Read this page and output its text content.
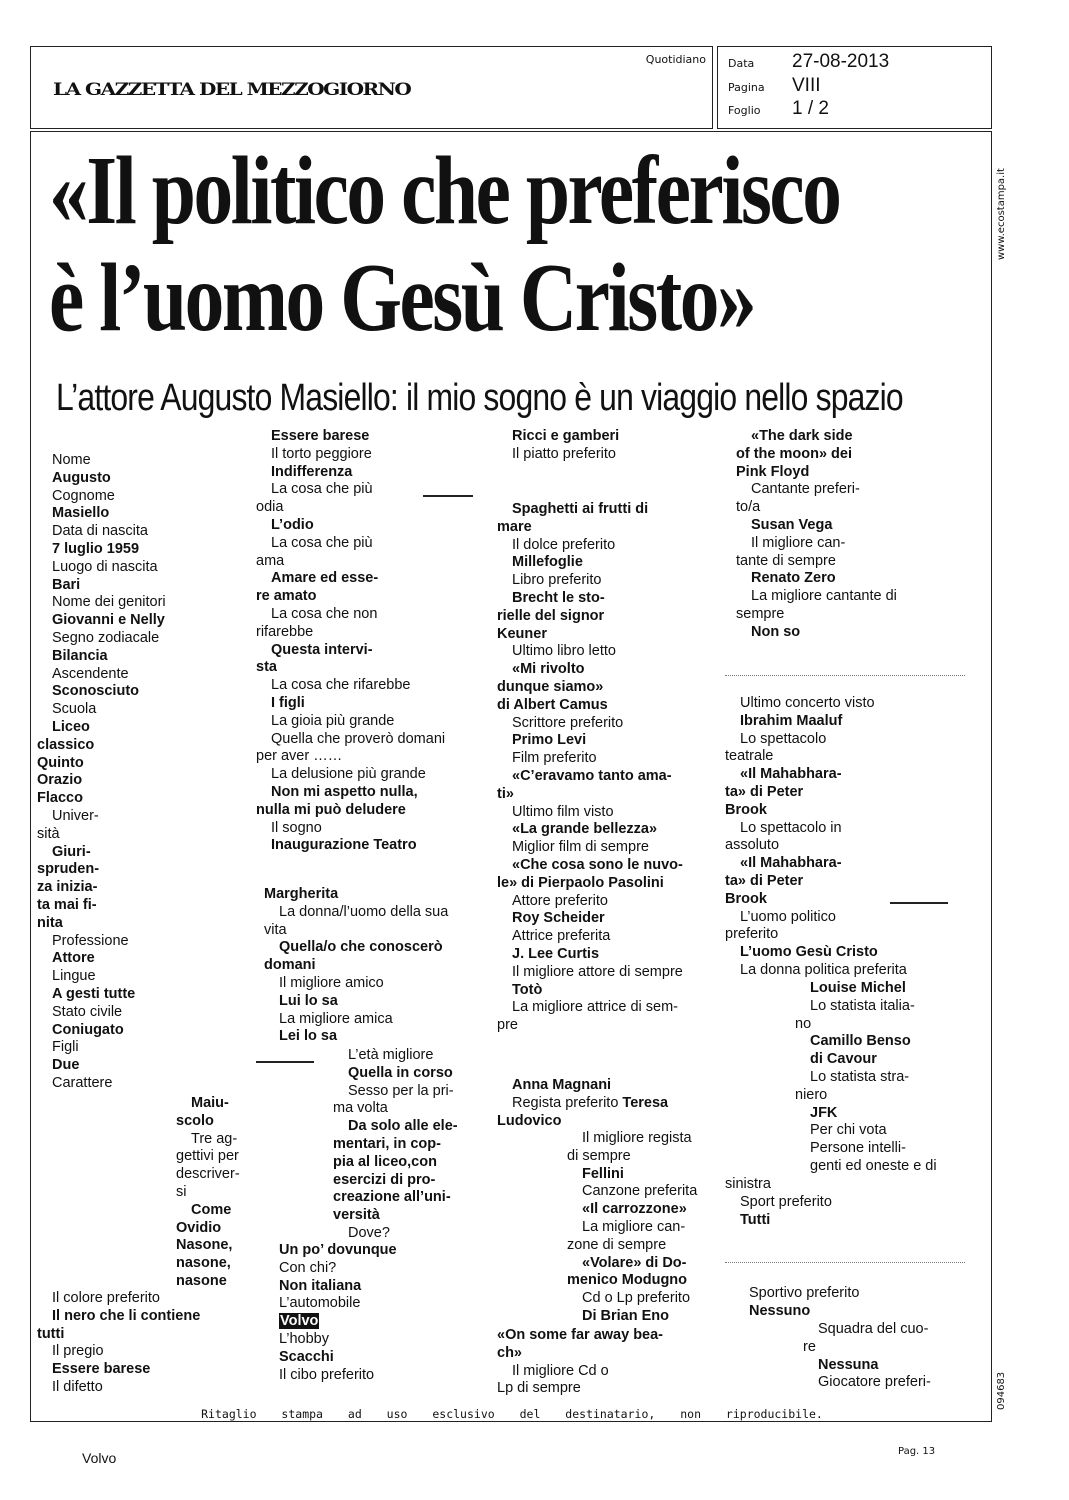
LA GAZZETTA DEL MEZZOGIORNO
Quotidiano Data 27-08-2013
Pagina VIII
Foglio 1 / 2
«Il politico che preferisco
è l’uomo Gesù Cristo»
L’attore Augusto Masiello: il mio sogno è un viaggio nello spazio
Ritaglio stampa ad uso esclusivo del destinatario, non riproducibile.
Nome
Augusto
Cognome
Masiello
Data di nascita
7 luglio 1959
Luogo di nascita
Bari
Nome dei genitori
Giovanni e Nelly
Segno zodiacale
Bilancia
Ascendente
Sconosciuto
Scuola
Liceo
classico
Quinto
Orazio
Flacco
Univer-
sità
Giuri-
spruden-
za inizia-
ta mai fi-
nita
Professione
Attore
Lingue
A gesti tutte
Stato civile
Coniugato
Figli
Due
Carattere
Maiu-
scolo
Tre ag-
gettivi per
descriver-
si
Come
Ovidio
Nasone,
nasone,
nasone
Il colore preferito
Il nero che li contiene
tutti
Il pregio
Essere barese
Il difetto
Essere barese
Il torto peggiore
Indifferenza
La cosa che più
odia
L’odio
La cosa che più
ama
Amare ed esse-
re amato
La cosa che non
rifarebbe
Questa intervi-
sta
La cosa che rifarebbe
I figli
La gioia più grande
Quella che proverò domani
per aver ……
La delusione più grande
Non mi aspetto nulla,
nulla mi può deludere
Il sogno
Inaugurazione Teatro
Margherita
La donna/l’uomo della sua
vita
Quella/o che conoscerò
domani
Il migliore amico
Lui lo sa
La migliore amica
Lei lo sa
L’età migliore
Quella in corso
Sesso per la pri-
ma volta
Da solo alle ele-
mentari, in cop-
pia al liceo,con
esercizi di pro-
creazione all’uni-
versità
Dove?
Un po’ dovunque
Con chi?
Non italiana
L’automobile
Volvo
L’hobby
Scacchi
Il cibo preferito
Ricci e gamberi
Il piatto preferito
Spaghetti ai frutti di
mare
Il dolce preferito
Millefoglie
Libro preferito
Brecht le sto-
rielle del signor
Keuner
Ultimo libro letto
«Mi rivolto
dunque siamo»
di Albert Camus
Scrittore preferito
Primo Levi
Film preferito
«C’eravamo tanto ama-
ti»
Ultimo film visto
«La grande bellezza»
Miglior film di sempre
«Che cosa sono le nuvo-
le» di Pierpaolo Pasolini
Attore preferito
Roy Scheider
Attrice preferita
J. Lee Curtis
Il migliore attore di sempre
Totò
La migliore attrice di sem-
pre
Anna Magnani
Regista preferito Teresa
Ludovico
Il migliore regista
di sempre
Fellini
Canzone preferita
«Il carrozzone»
La migliore can-
zone di sempre
«Volare» di Do-
menico Modugno
Cd o Lp preferito
Di Brian Eno
«On some far away beа-
ch»
Il migliore Cd o
Lp di sempre
«The dark side
of the moon» dei
Pink Floyd
Cantante preferi-
to/a
Susan Vega
Il migliore can-
tante di sempre
Renato Zero
La migliore cantante di
sempre
Non so
Ultimo concerto visto
Ibrahim Maaluf
Lo spettacolo
teatrale
«Il Mahabhara-
ta» di Peter
Brook
Lo spettacolo in
assoluto
«Il Mahabhara-
ta» di Peter
Brook
L’uomo politico
preferito
L’uomo Gesù Cristo
La donna politica preferita
Louise Michel
Lo statista italia-
no
Camillo Benso
di Cavour
Lo statista stra-
niero
JFK
Per chi vota
Persone intelli-
genti ed oneste e di
sinistra
Sport preferito
Tutti
Sportivo preferito
Nessuno
Squadra del cuo-
re
Nessuna
Giocatore preferi-
www.ecostampa.it
094683
Volvo	Pag. 13
